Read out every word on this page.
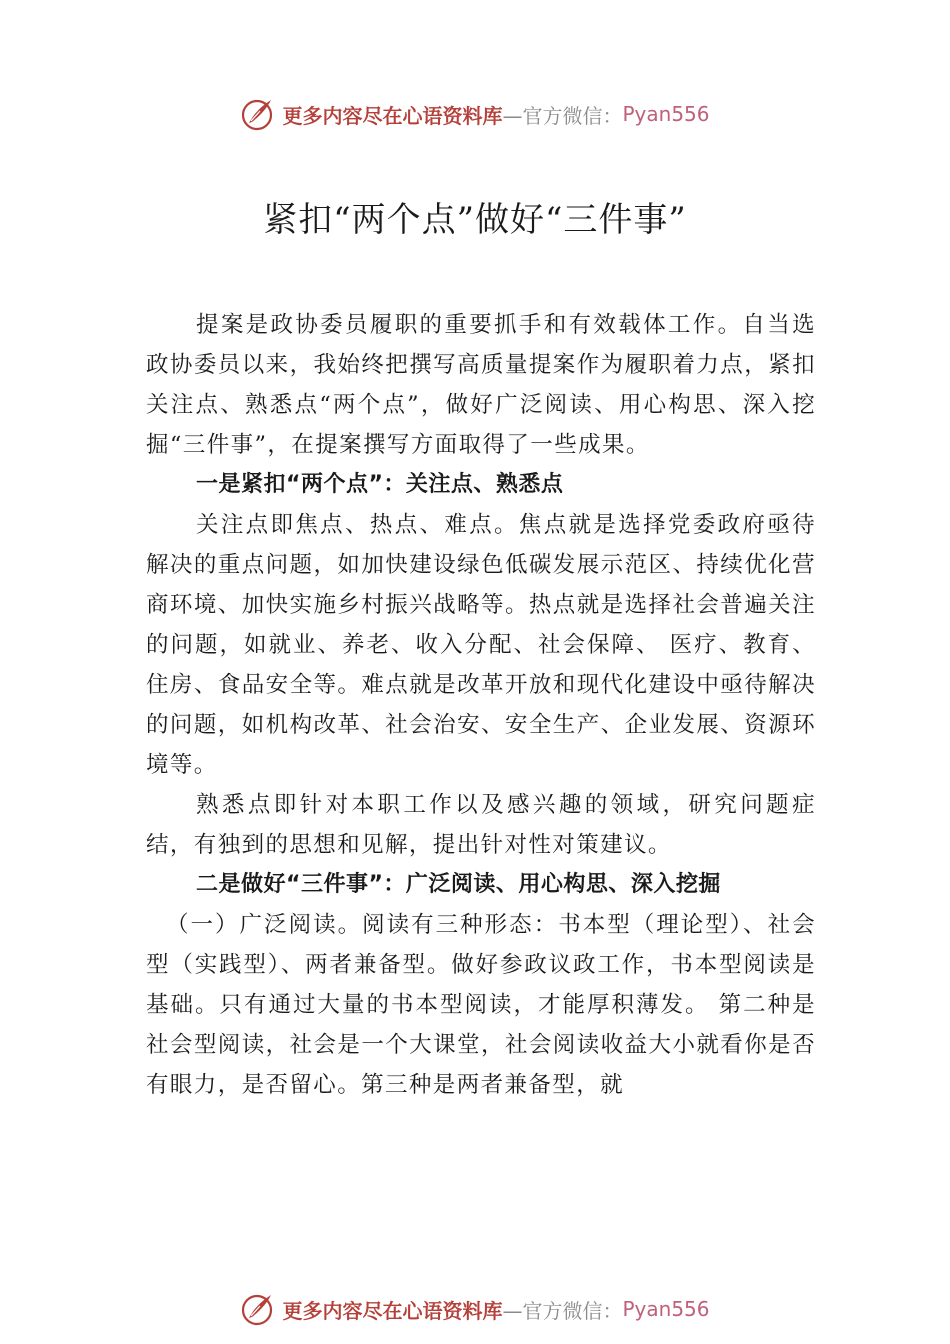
更多内容尽在心语资料库 —官方微信： Pyan556
紧扣“两个点”做好“三件事”

提案是政协委员履职的重要抓手和有效载体工作。自当选政协委员以来，我始终把撰写高质量提案作为履职着力点，紧扣关注点、熟悉点“两个点”，做好广泛阅读、用心构思、深入挖掘“三件事”，在提案撰写方面取得了一些成果。

一是紧扣“两个点”：关注点、熟悉点

关注点即焦点、热点、难点。焦点就是选择党委政府亟待解决的重点问题，如加快建设绿色低碳发展示范区、持续优化营商环境、加快实施乡村振兴战略等。热点就是选择社会普遍关注的问题，如就业、养老、收入分配、社会保障、 医疗、教育、住房、食品安全等。难点就是改革开放和现代化建设中亟待解决的问题，如机构改革、社会治安、安全生产、企业发展、资源环境等。

熟悉点即针对本职工作以及感兴趣的领域，研究问题症结，有独到的思想和见解，提出针对性对策建议。

二是做好“三件事”：广泛阅读、用心构思、深入挖掘

（一）广泛阅读。阅读有三种形态：书本型（理论型）、社会型（实践型）、两者兼备型。做好参政议政工作，书本型阅读是基础。只有通过大量的书本型阅读，才能厚积薄发。 第二种是社会型阅读，社会是一个大课堂，社会阅读收益大小就看你是否有眼力，是否留心。第三种是两者兼备型，就

更多内容尽在心语资料库 —官方微信： Pyan556
